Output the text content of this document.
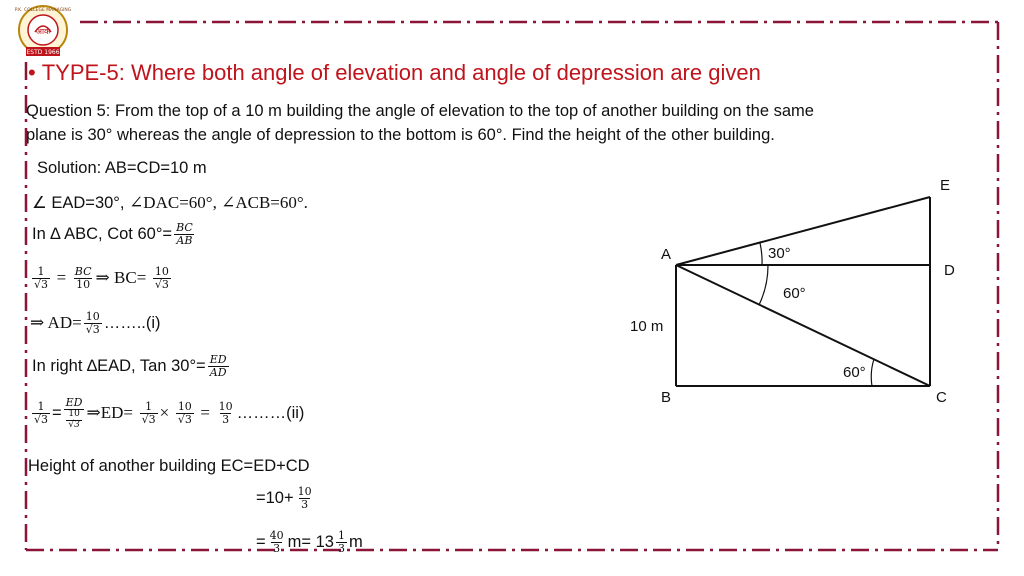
आक
ESTD 1966
P.K. COLLEGE MANAGING
• TYPE-5: Where both angle of elevation and angle of depression are given
Question 5: From the top of a 10 m building the angle of elevation to the top of another building on the same
plane is 30° whereas the angle of depression to the bottom is 60°. Find the height of the other building.
Solution: AB=CD=10 m
∠ EAD=30°, ∠DAC=60°, ∠ACB=60°.
In ∆ ABC, Cot $60^\circ= \frac{BC}{AB}$
$\frac{1}{√3} = \frac{BC}{10}$ ⇒ $BC= \frac{10}{√3}$
⇒ $AD= \frac{10}{√3}$ ……..(i)
In right ∆EAD, Tan $30^\circ= \frac{ED}{AD}$
$\frac{1}{√3} = \frac{ED}{\frac{10}{√3}}$ ⇒ED= $\frac{1}{√3} \times \frac{10}{√3} = \frac{10}{3}$ ………(ii)
Height of another building EC=ED+CD
$=10+ \frac{10}{3}$
= $\frac{40}{3} m= 13 \frac{1}{3}$ m
E
A
D
B	C
30°
60°
60°
10 m
